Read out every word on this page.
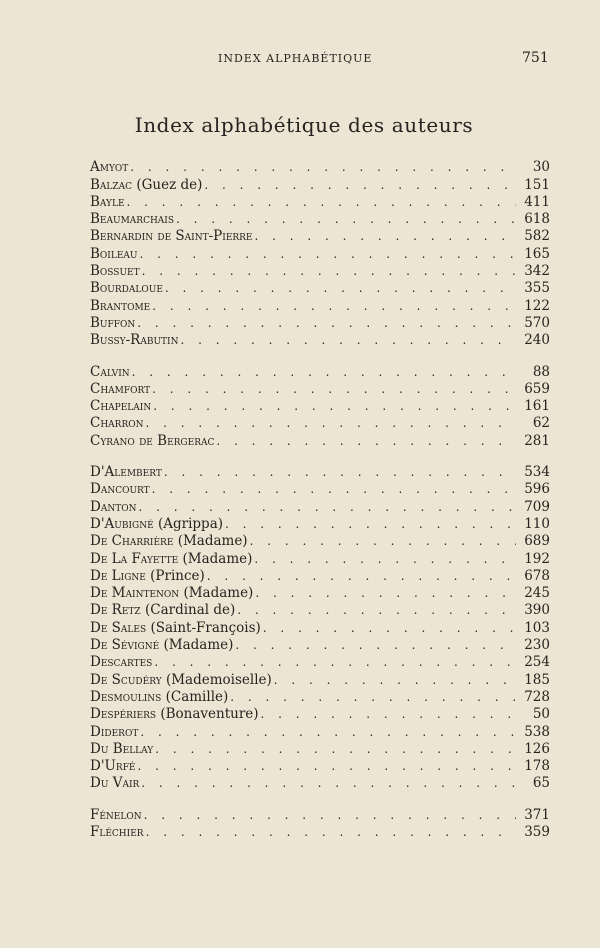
INDEX ALPHABÉTIQUE	751
Index alphabétique des auteurs
Amyot . . .	30
Balzac (Guez de) . . .	151
Bayle . . .	411
Beaumarchais . . .	618
Bernardin de Saint-Pierre . . .	582
Boileau . . .	165
Bossuet . . .	342
Bourdaloue . . .	355
Brantome . . .	122
Buffon . . .	570
Bussy-Rabutin . . .	240
Calvin . . .	88
Chamfort . . .	659
Chapelain . . .	161
Charron . . .	62
Cyrano de Bergerac . . .	281
D'Alembert . . .	534
Dancourt . . .	596
Danton . . .	709
D'Aubigné (Agrippa) . . .	110
De Charrière (Madame) . . .	689
De La Fayette (Madame) . . .	192
De Ligne (Prince) . . .	678
De Maintenon (Madame) . . .	245
De Retz (Cardinal de) . . .	390
De Sales (Saint-François) . . .	103
De Sévigné (Madame) . . .	230
Descartes . . .	254
De Scudéry (Mademoiselle) . . .	185
Desmoulins (Camille) . . .	728
Despériers (Bonaventure) . . .	50
Diderot . . .	538
Du Bellay . . .	126
D'Urfé . . .	178
Du Vair . . .	65
Fénelon . . .	371
Fléchier . . .	359
